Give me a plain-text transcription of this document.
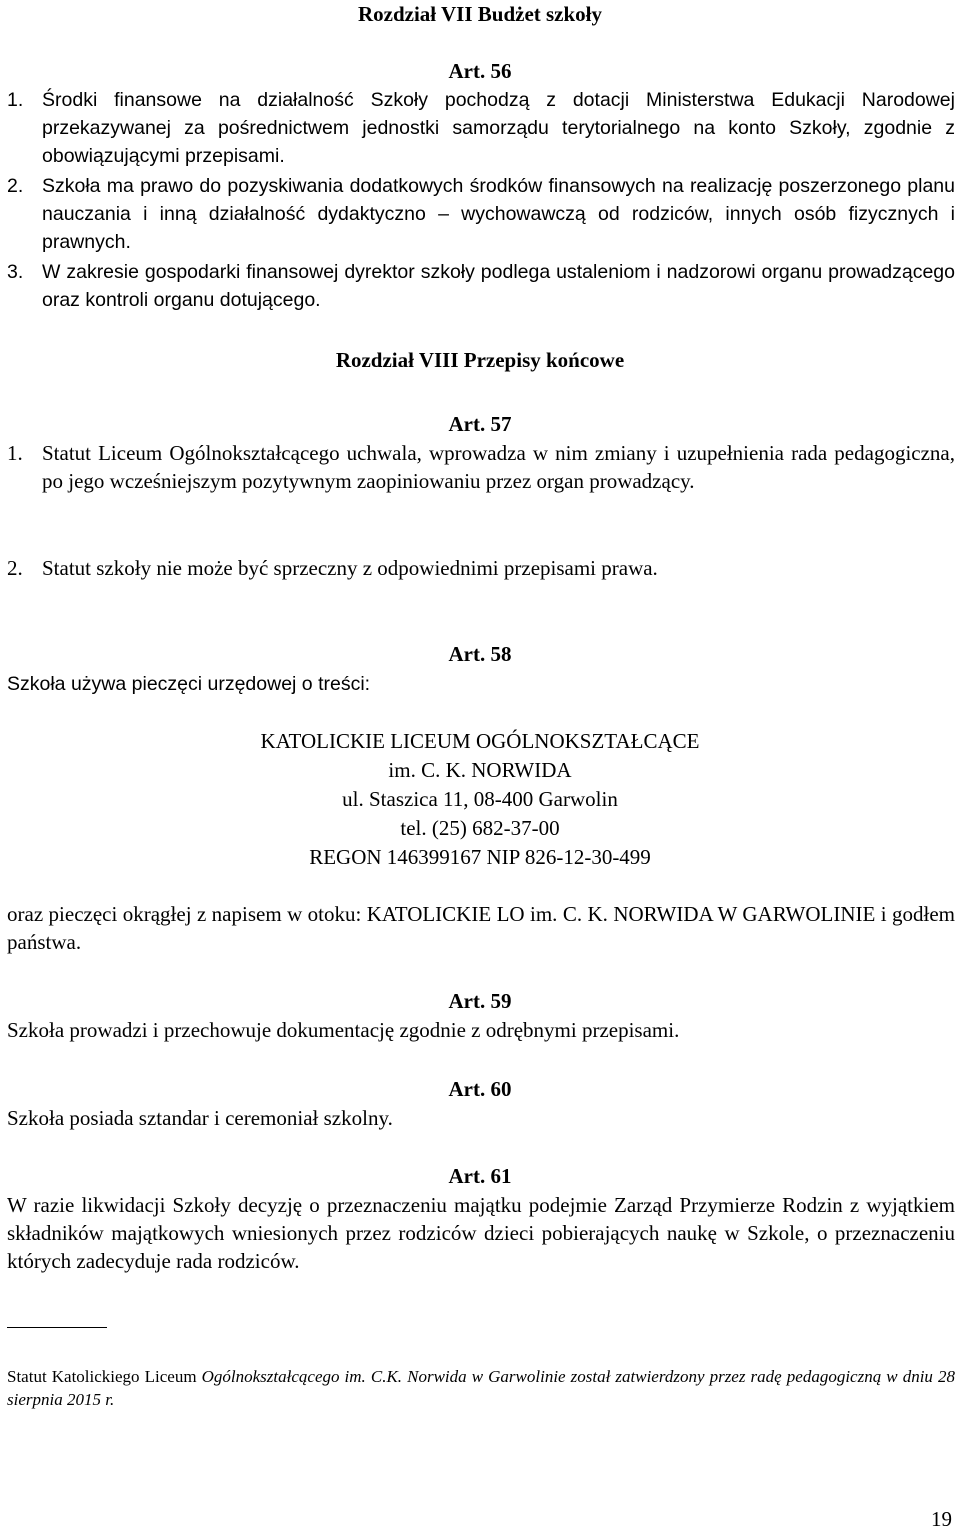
Rozdział VII Budżet szkoły
Art. 56
1. Środki finansowe na działalność Szkoły pochodzą z dotacji Ministerstwa Edukacji Narodowej przekazywanej za pośrednictwem jednostki samorządu terytorialnego na konto Szkoły, zgodnie z obowiązującymi przepisami.
2. Szkoła ma prawo do pozyskiwania dodatkowych środków finansowych na realizację poszerzonego planu nauczania i inną działalność dydaktyczno – wychowawczą od rodziców, innych osób fizycznych i prawnych.
3. W zakresie gospodarki finansowej dyrektor szkoły podlega ustaleniom i nadzorowi organu prowadzącego oraz kontroli organu dotującego.
Rozdział VIII Przepisy końcowe
Art. 57
1. Statut Liceum Ogólnokształcącego uchwala, wprowadza w nim zmiany i uzupełnienia rada pedagogiczna, po jego wcześniejszym pozytywnym zaopiniowaniu przez organ prowadzący.
2. Statut szkoły nie może być sprzeczny z odpowiednimi przepisami prawa.
Art. 58
Szkoła używa pieczęci urzędowej o treści:
KATOLICKIE LICEUM OGÓLNOKSZTAŁCĄCE
im. C. K. NORWIDA
ul. Staszica 11, 08-400 Garwolin
tel. (25) 682-37-00
REGON 146399167 NIP 826-12-30-499
oraz pieczęci okrągłej z napisem w otoku: KATOLICKIE LO im. C. K. NORWIDA W GARWOLINIE i godłem państwa.
Art. 59
Szkoła prowadzi i przechowuje dokumentację zgodnie z odrębnymi przepisami.
Art. 60
Szkoła posiada sztandar i ceremoniał szkolny.
Art. 61
W razie likwidacji Szkoły decyzję o przeznaczeniu majątku podejmie Zarząd Przymierze Rodzin z wyjątkiem składników majątkowych wniesionych przez rodziców dzieci pobierających naukę w Szkole, o przeznaczeniu których zadecyduje rada rodziców.
Statut Katolickiego Liceum Ogólnokształcącego im. C.K. Norwida w Garwolinie został zatwierdzony przez radę pedagogiczną w dniu 28 sierpnia 2015 r.
19
